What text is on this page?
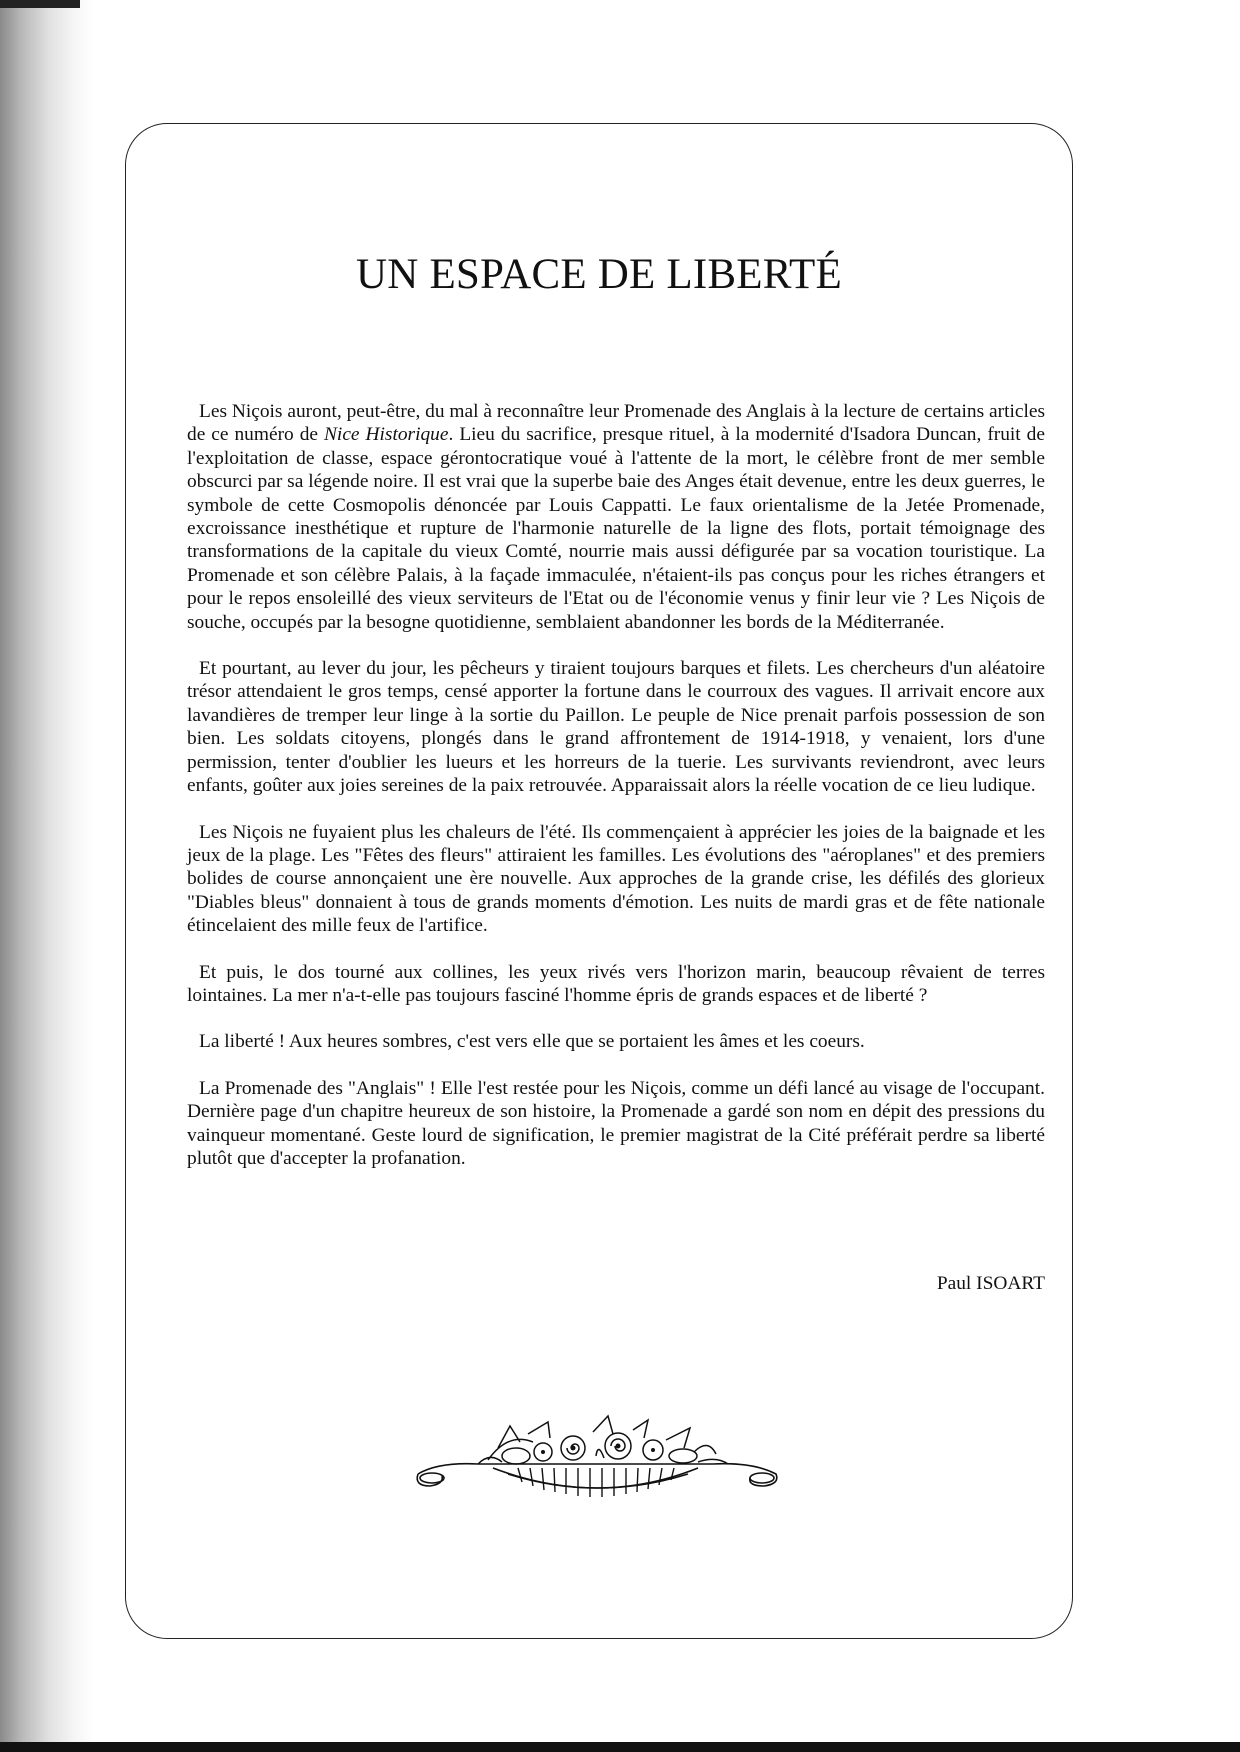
UN ESPACE DE LIBERTÉ

Les Niçois auront, peut-être, du mal à reconnaître leur Promenade des Anglais à la lecture de certains articles de ce numéro de Nice Historique. Lieu du sacrifice, presque rituel, à la modernité d'Isadora Duncan, fruit de l'exploitation de classe, espace gérontocratique voué à l'attente de la mort, le célèbre front de mer semble obscurci par sa légende noire. Il est vrai que la superbe baie des Anges était devenue, entre les deux guerres, le symbole de cette Cosmopolis dénoncée par Louis Cappatti. Le faux orientalisme de la Jetée Promenade, excroissance inesthétique et rupture de l'harmonie naturelle de la ligne des flots, portait témoignage des transformations de la capitale du vieux Comté, nourrie mais aussi défigurée par sa vocation touristique. La Promenade et son célèbre Palais, à la façade immaculée, n'étaient-ils pas conçus pour les riches étrangers et pour le repos ensoleillé des vieux serviteurs de l'Etat ou de l'économie venus y finir leur vie ? Les Niçois de souche, occupés par la besogne quotidienne, semblaient abandonner les bords de la Méditerranée.

Et pourtant, au lever du jour, les pêcheurs y tiraient toujours barques et filets. Les chercheurs d'un aléatoire trésor attendaient le gros temps, censé apporter la fortune dans le courroux des vagues. Il arrivait encore aux lavandières de tremper leur linge à la sortie du Paillon. Le peuple de Nice prenait parfois possession de son bien. Les soldats citoyens, plongés dans le grand affrontement de 1914-1918, y venaient, lors d'une permission, tenter d'oublier les lueurs et les horreurs de la tuerie. Les survivants reviendront, avec leurs enfants, goûter aux joies sereines de la paix retrouvée. Apparaissait alors la réelle vocation de ce lieu ludique.

Les Niçois ne fuyaient plus les chaleurs de l'été. Ils commençaient à apprécier les joies de la baignade et les jeux de la plage. Les "Fêtes des fleurs" attiraient les familles. Les évolutions des "aéroplanes" et des premiers bolides de course annonçaient une ère nouvelle. Aux approches de la grande crise, les défilés des glorieux "Diables bleus" donnaient à tous de grands moments d'émotion. Les nuits de mardi gras et de fête nationale étincelaient des mille feux de l'artifice.

Et puis, le dos tourné aux collines, les yeux rivés vers l'horizon marin, beaucoup rêvaient de terres lointaines. La mer n'a-t-elle pas toujours fasciné l'homme épris de grands espaces et de liberté ?

La liberté ! Aux heures sombres, c'est vers elle que se portaient les âmes et les coeurs.

La Promenade des "Anglais" ! Elle l'est restée pour les Niçois, comme un défi lancé au visage de l'occupant. Dernière page d'un chapitre heureux de son histoire, la Promenade a gardé son nom en dépit des pressions du vainqueur momentané. Geste lourd de signification, le premier magistrat de la Cité préférait perdre sa liberté plutôt que d'accepter la profanation.

Paul ISOART
